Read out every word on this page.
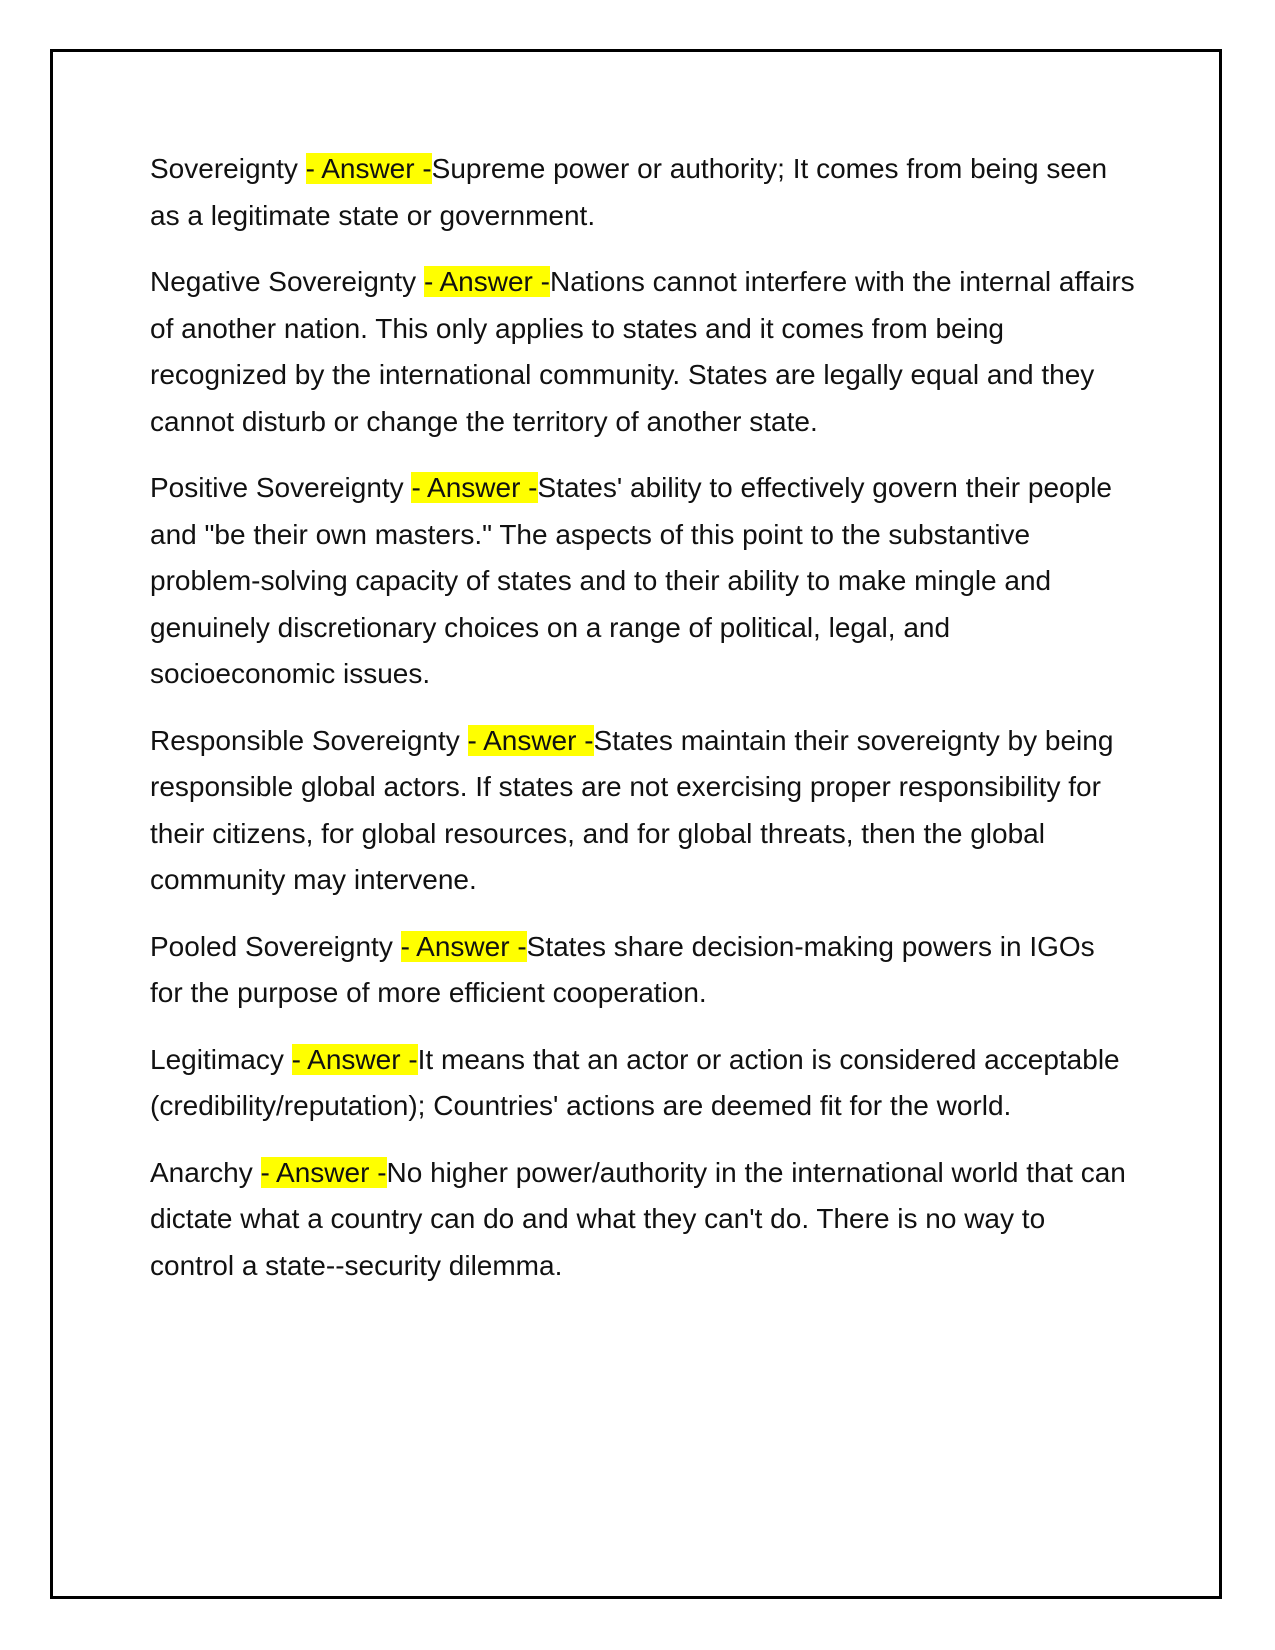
Sovereignty - Answer -Supreme power or authority; It comes from being seen as a legitimate state or government.

Negative Sovereignty - Answer -Nations cannot interfere with the internal affairs of another nation. This only applies to states and it comes from being recognized by the international community. States are legally equal and they cannot disturb or change the territory of another state.

Positive Sovereignty - Answer -States' ability to effectively govern their people and "be their own masters." The aspects of this point to the substantive problem-solving capacity of states and to their ability to make mingle and genuinely discretionary choices on a range of political, legal, and socioeconomic issues.

Responsible Sovereignty - Answer -States maintain their sovereignty by being responsible global actors. If states are not exercising proper responsibility for their citizens, for global resources, and for global threats, then the global community may intervene.

Pooled Sovereignty - Answer -States share decision-making powers in IGOs for the purpose of more efficient cooperation.

Legitimacy - Answer -It means that an actor or action is considered acceptable (credibility/reputation); Countries' actions are deemed fit for the world.

Anarchy - Answer -No higher power/authority in the international world that can dictate what a country can do and what they can't do. There is no way to control a state--security dilemma.
